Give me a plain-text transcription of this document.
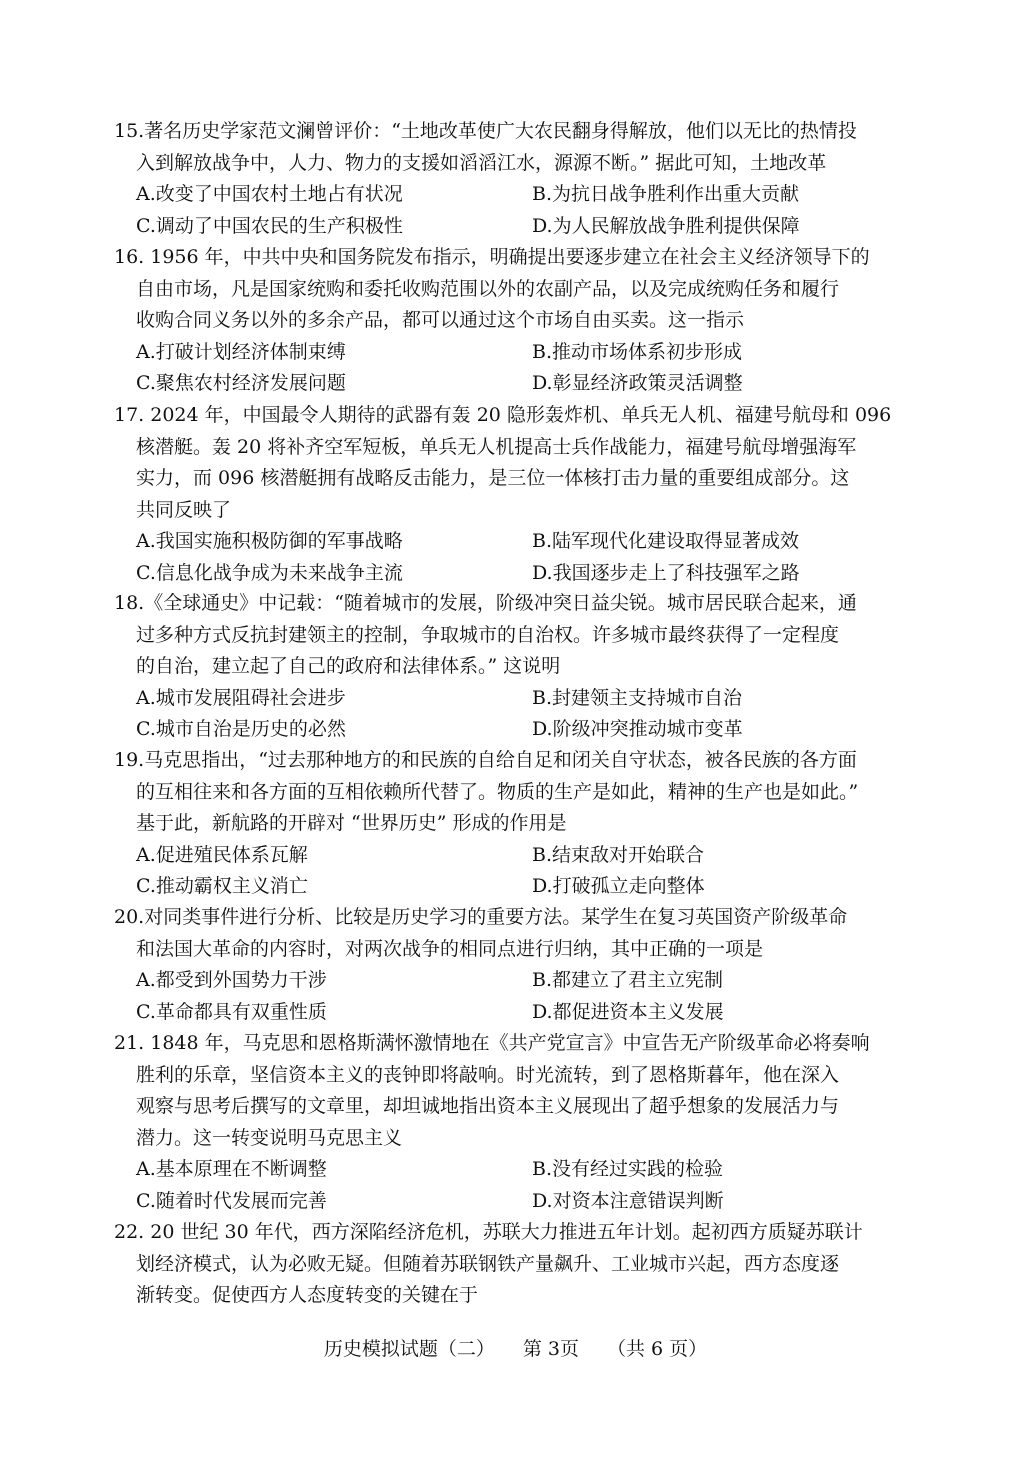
15.著名历史学家范文澜曾评价：“土地改革使广大农民翻身得解放，他们以无比的热情投
入到解放战争中，人力、物力的支援如滔滔江水，源源不断。” 据此可知，土地改革
A.改变了中国农村土地占有状况	B.为抗日战争胜利作出重大贡献
C.调动了中国农民的生产积极性	D.为人民解放战争胜利提供保障
16. 1956 年，中共中央和国务院发布指示，明确提出要逐步建立在社会主义经济领导下的
自由市场，凡是国家统购和委托收购范围以外的农副产品，以及完成统购任务和履行
收购合同义务以外的多余产品，都可以通过这个市场自由买卖。这一指示
A.打破计划经济体制束缚	B.推动市场体系初步形成
C.聚焦农村经济发展问题	D.彰显经济政策灵活调整
17. 2024 年，中国最令人期待的武器有轰 20 隐形轰炸机、单兵无人机、福建号航母和 096
核潜艇。轰 20 将补齐空军短板，单兵无人机提高士兵作战能力，福建号航母增强海军
实力，而 096 核潜艇拥有战略反击能力，是三位一体核打击力量的重要组成部分。这
共同反映了
A.我国实施积极防御的军事战略	B.陆军现代化建设取得显著成效
C.信息化战争成为未来战争主流	D.我国逐步走上了科技强军之路
18.《全球通史》中记载：“随着城市的发展，阶级冲突日益尖锐。城市居民联合起来，通
过多种方式反抗封建领主的控制，争取城市的自治权。许多城市最终获得了一定程度
的自治，建立起了自己的政府和法律体系。” 这说明
A.城市发展阻碍社会进步	B.封建领主支持城市自治
C.城市自治是历史的必然	D.阶级冲突推动城市变革
19.马克思指出，“过去那种地方的和民族的自给自足和闭关自守状态，被各民族的各方面
的互相往来和各方面的互相依赖所代替了。物质的生产是如此，精神的生产也是如此。”
基于此，新航路的开辟对 “世界历史” 形成的作用是
A.促进殖民体系瓦解	B.结束敌对开始联合
C.推动霸权主义消亡	D.打破孤立走向整体
20.对同类事件进行分析、比较是历史学习的重要方法。某学生在复习英国资产阶级革命
和法国大革命的内容时，对两次战争的相同点进行归纳，其中正确的一项是
A.都受到外国势力干涉	B.都建立了君主立宪制
C.革命都具有双重性质	D.都促进资本主义发展
21. 1848 年，马克思和恩格斯满怀激情地在《共产党宣言》中宣告无产阶级革命必将奏响
胜利的乐章，坚信资本主义的丧钟即将敲响。时光流转，到了恩格斯暮年，他在深入
观察与思考后撰写的文章里，却坦诚地指出资本主义展现出了超乎想象的发展活力与
潜力。这一转变说明马克思主义
A.基本原理在不断调整	B.没有经过实践的检验
C.随着时代发展而完善	D.对资本注意错误判断
22. 20 世纪 30 年代，西方深陷经济危机，苏联大力推进五年计划。起初西方质疑苏联计
划经济模式，认为必败无疑。但随着苏联钢铁产量飙升、工业城市兴起，西方态度逐
渐转变。促使西方人态度转变的关键在于
历史模拟试题（二） 第 3页 （共 6 页）
